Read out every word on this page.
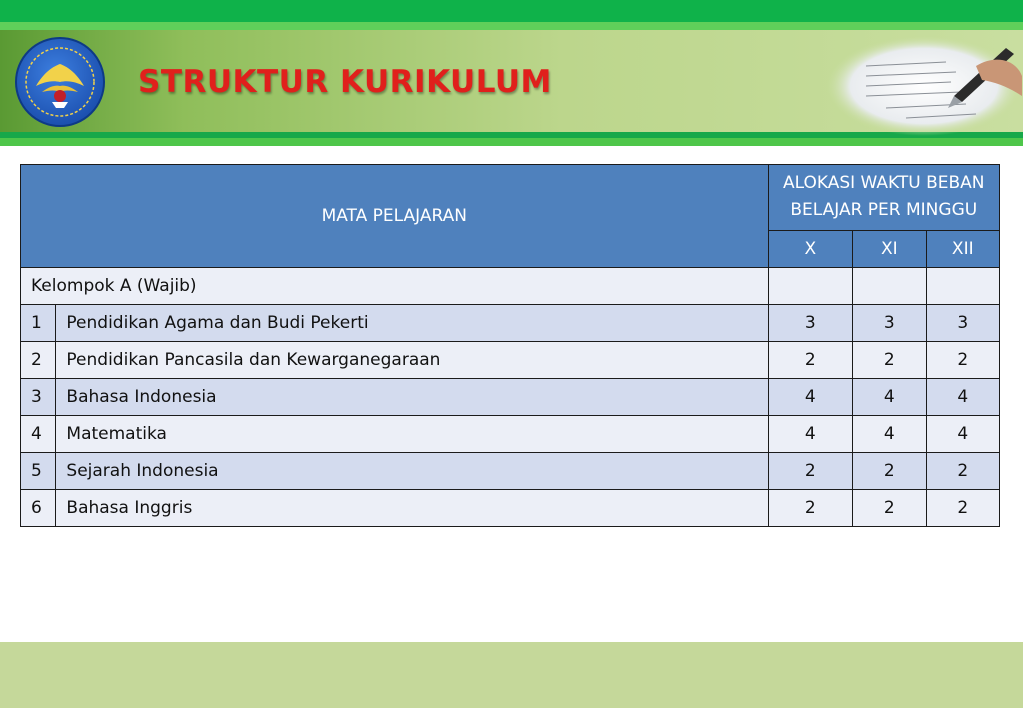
STRUKTUR KURIKULUM
MATA PELAJARAN		ALOKASI WAKTU BEBAN BELAJAR PER MINGGU		
		X	XI	XII
Kelompok A (Wajib)				
1	Pendidikan Agama dan Budi Pekerti	3	3	3
2	Pendidikan Pancasila dan Kewarganegaraan	2	2	2
3	Bahasa Indonesia	4	4	4
4	Matematika	4	4	4
5	Sejarah Indonesia	2	2	2
6	Bahasa Inggris	2	2	2
